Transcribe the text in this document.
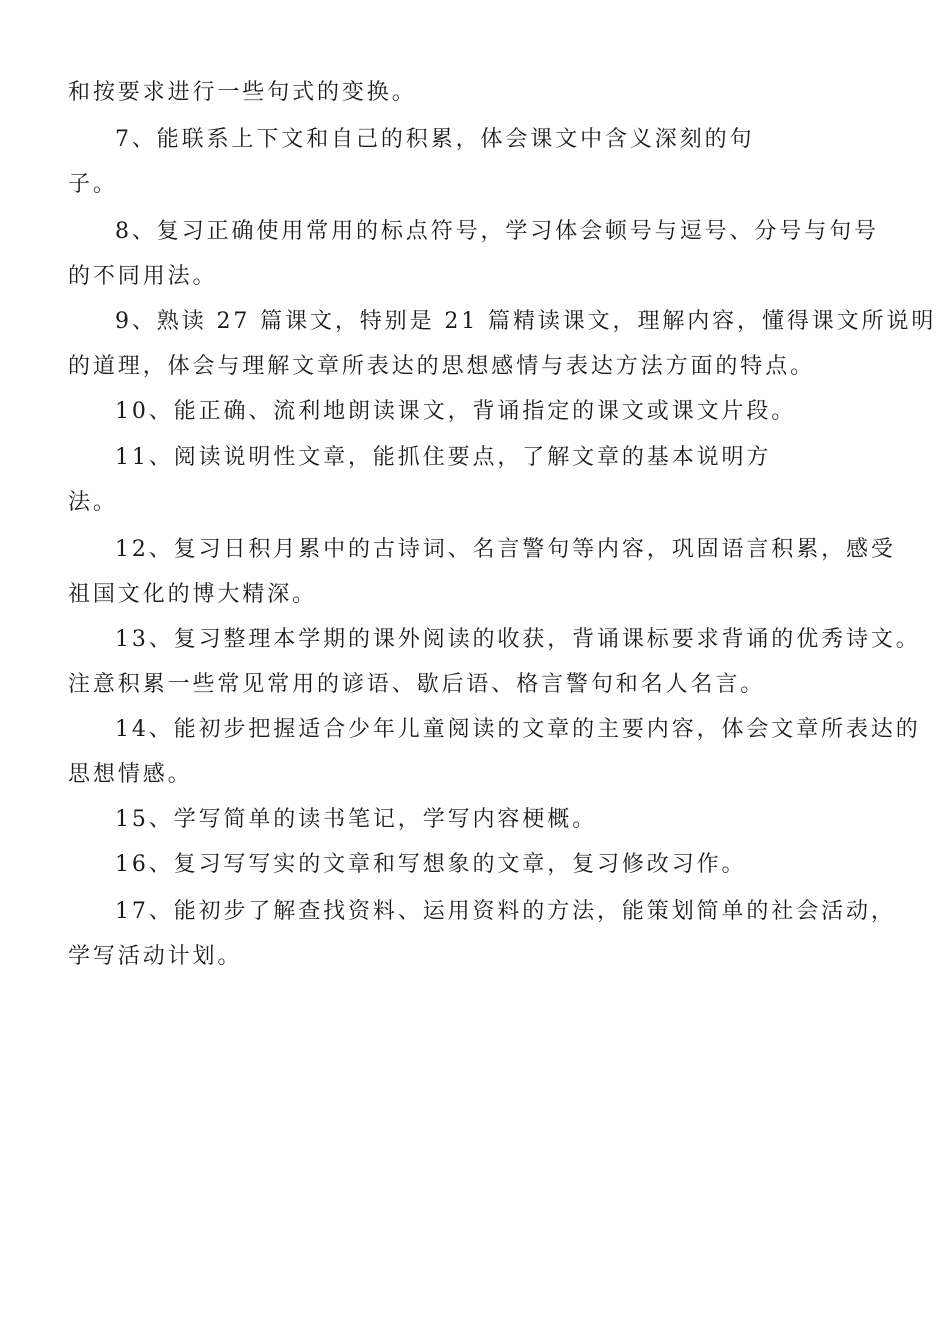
和按要求进行一些句式的变换。
7、能联系上下文和自己的积累，体会课文中含义深刻的句
子。
8、复习正确使用常用的标点符号，学习体会顿号与逗号、分号与句号
的不同用法。
9、熟读 27 篇课文，特别是 21 篇精读课文，理解内容，懂得课文所说明
的道理，体会与理解文章所表达的思想感情与表达方法方面的特点。
10、能正确、流利地朗读课文，背诵指定的课文或课文片段。
11、阅读说明性文章，能抓住要点，了解文章的基本说明方
法。
12、复习日积月累中的古诗词、名言警句等内容，巩固语言积累，感受
祖国文化的博大精深。
13、复习整理本学期的课外阅读的收获，背诵课标要求背诵的优秀诗文。
注意积累一些常见常用的谚语、歇后语、格言警句和名人名言。
14、能初步把握适合少年儿童阅读的文章的主要内容，体会文章所表达的
思想情感。
15、学写简单的读书笔记，学写内容梗概。
16、复习写写实的文章和写想象的文章，复习修改习作。
17、能初步了解查找资料、运用资料的方法，能策划简单的社会活动，
学写活动计划。
